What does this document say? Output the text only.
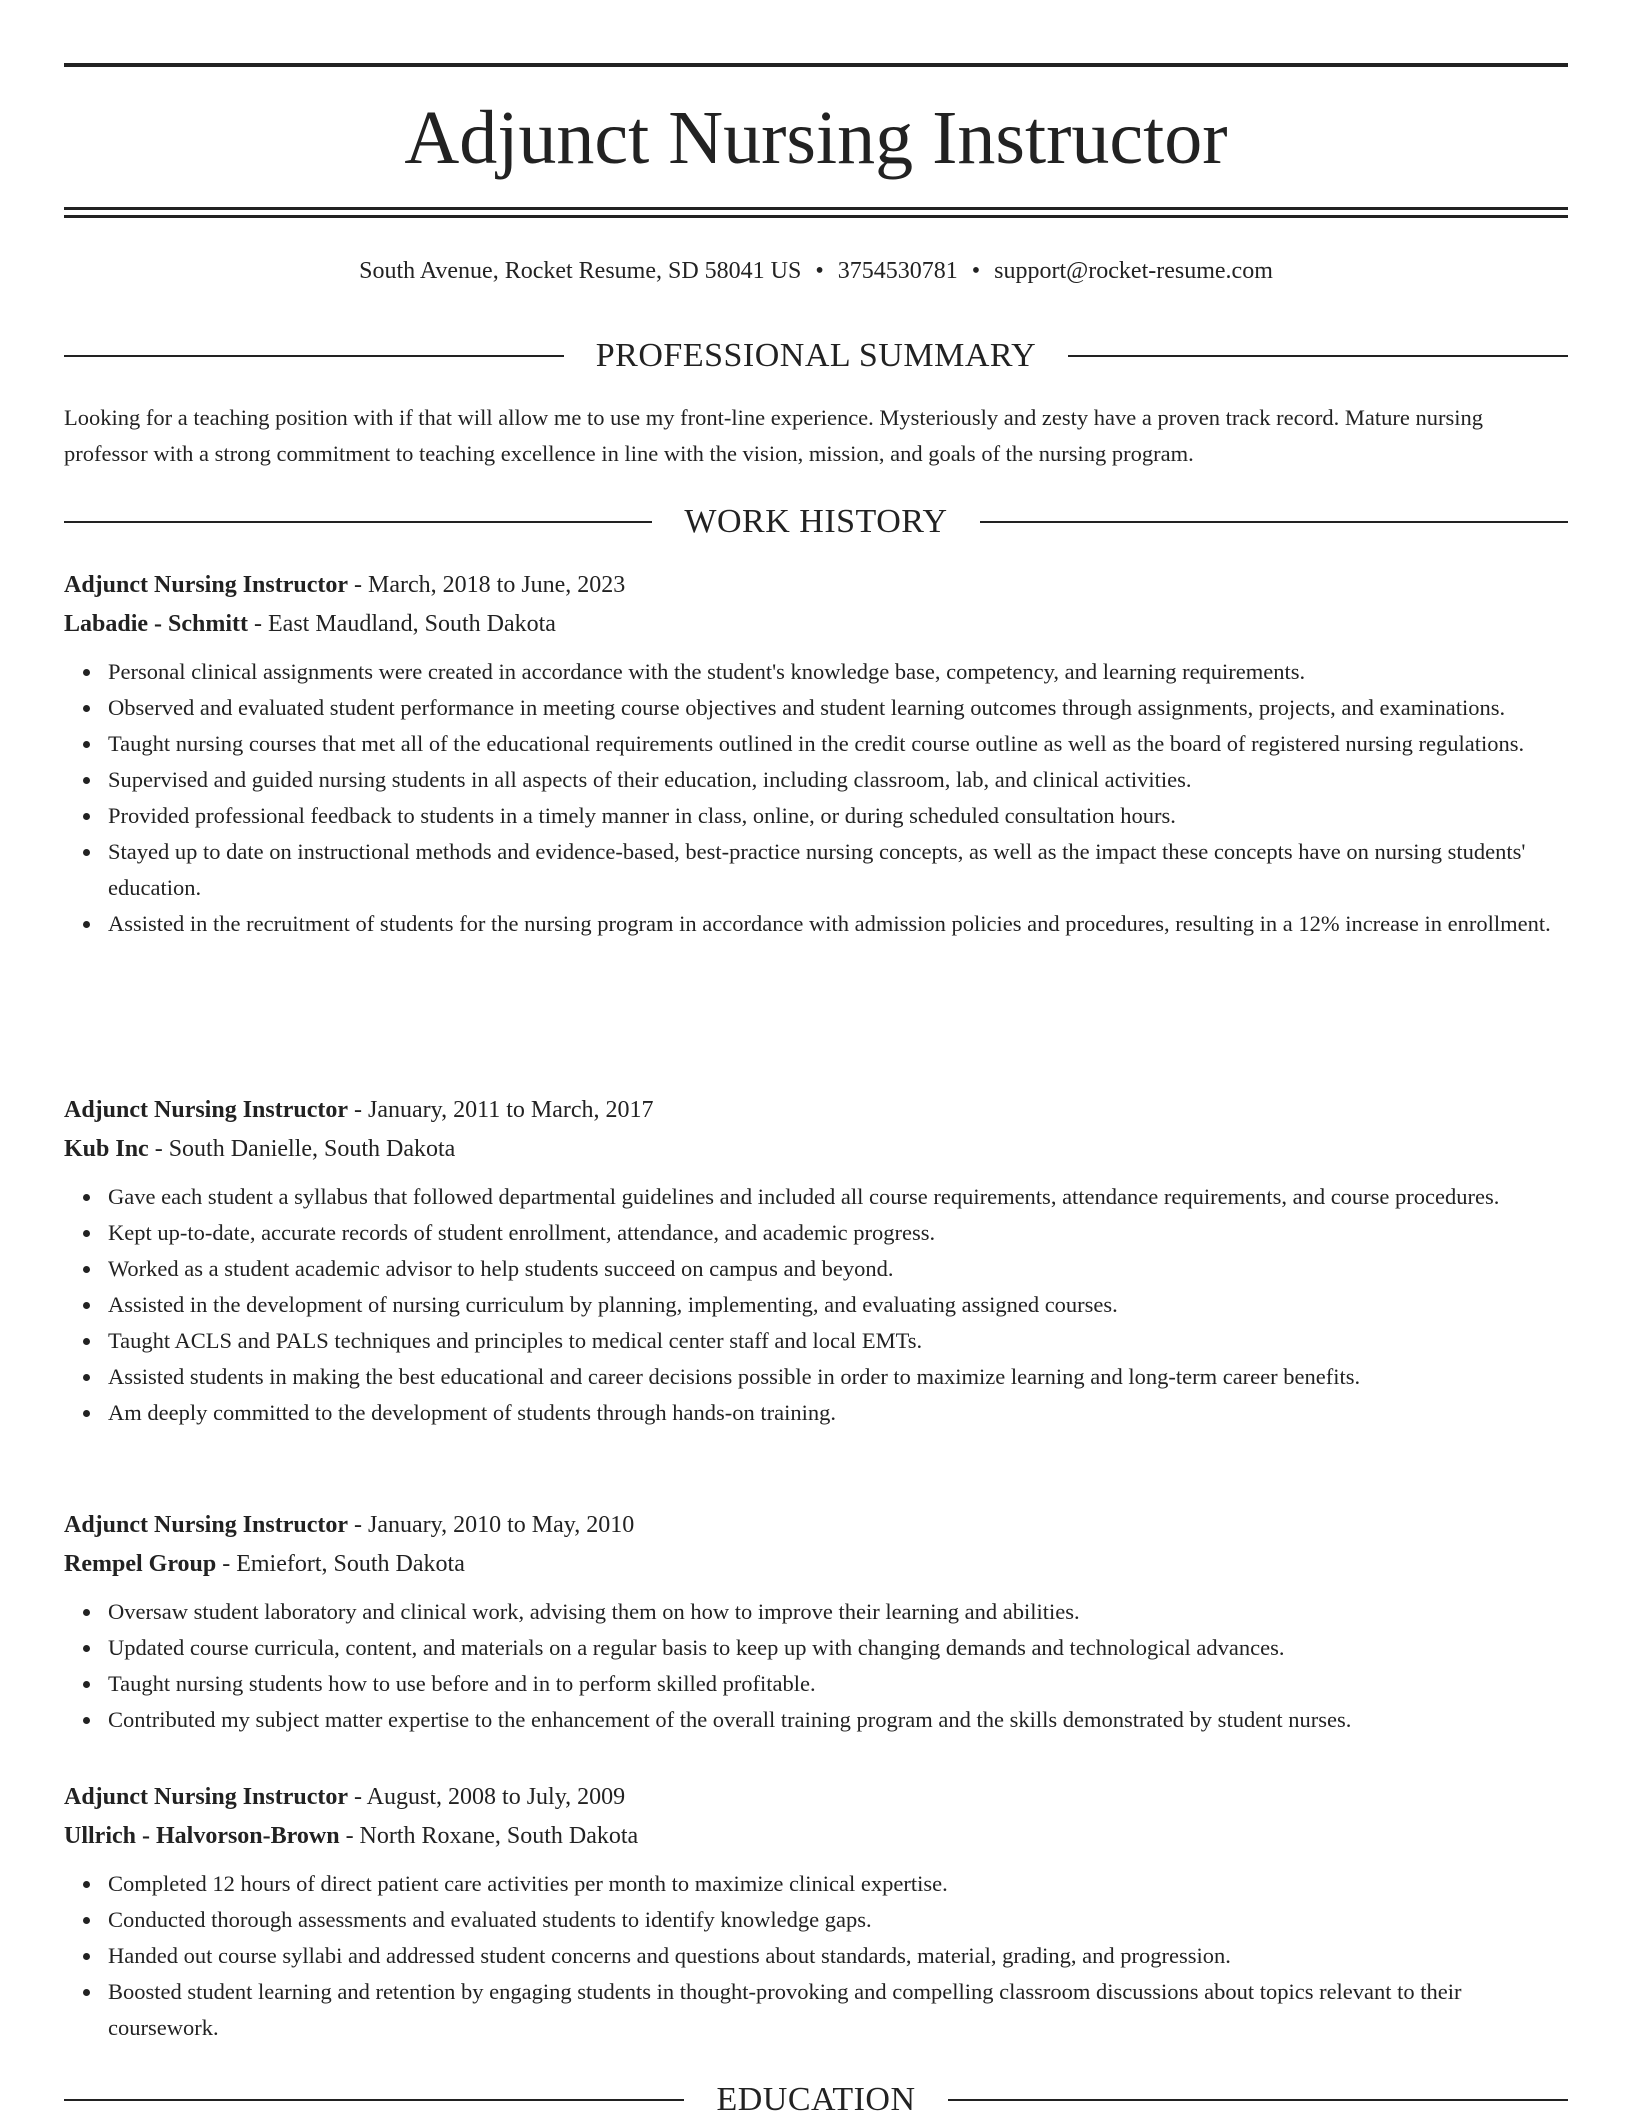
Adjunct Nursing Instructor
South Avenue, Rocket Resume, SD 58041 US • 3754530781 • support@rocket-resume.com
PROFESSIONAL SUMMARY

Looking for a teaching position with if that will allow me to use my front-line experience. Mysteriously and zesty have a proven track record. Mature nursing professor with a strong commitment to teaching excellence in line with the vision, mission, and goals of the nursing program.

WORK HISTORY
Adjunct Nursing Instructor - March, 2018 to June, 2023
Labadie - Schmitt - East Maudland, South Dakota
Personal clinical assignments were created in accordance with the student's knowledge base, competency, and learning requirements.
Observed and evaluated student performance in meeting course objectives and student learning outcomes through assignments, projects, and examinations.
Taught nursing courses that met all of the educational requirements outlined in the credit course outline as well as the board of registered nursing regulations.
Supervised and guided nursing students in all aspects of their education, including classroom, lab, and clinical activities.
Provided professional feedback to students in a timely manner in class, online, or during scheduled consultation hours.
Stayed up to date on instructional methods and evidence-based, best-practice nursing concepts, as well as the impact these concepts have on nursing students' education.
Assisted in the recruitment of students for the nursing program in accordance with admission policies and procedures, resulting in a 12% increase in enrollment.
Adjunct Nursing Instructor - January, 2011 to March, 2017
Kub Inc - South Danielle, South Dakota
Gave each student a syllabus that followed departmental guidelines and included all course requirements, attendance requirements, and course procedures.
Kept up-to-date, accurate records of student enrollment, attendance, and academic progress.
Worked as a student academic advisor to help students succeed on campus and beyond.
Assisted in the development of nursing curriculum by planning, implementing, and evaluating assigned courses.
Taught ACLS and PALS techniques and principles to medical center staff and local EMTs.
Assisted students in making the best educational and career decisions possible in order to maximize learning and long-term career benefits.
Am deeply committed to the development of students through hands-on training.
Adjunct Nursing Instructor - January, 2010 to May, 2010
Rempel Group - Emiefort, South Dakota
Oversaw student laboratory and clinical work, advising them on how to improve their learning and abilities.
Updated course curricula, content, and materials on a regular basis to keep up with changing demands and technological advances.
Taught nursing students how to use before and in to perform skilled profitable.
Contributed my subject matter expertise to the enhancement of the overall training program and the skills demonstrated by student nurses.
Adjunct Nursing Instructor - August, 2008 to July, 2009
Ullrich - Halvorson-Brown - North Roxane, South Dakota
Completed 12 hours of direct patient care activities per month to maximize clinical expertise.
Conducted thorough assessments and evaluated students to identify knowledge gaps.
Handed out course syllabi and addressed student concerns and questions about standards, material, grading, and progression.
Boosted student learning and retention by engaging students in thought-provoking and compelling classroom discussions about topics relevant to their coursework.
EDUCATION
